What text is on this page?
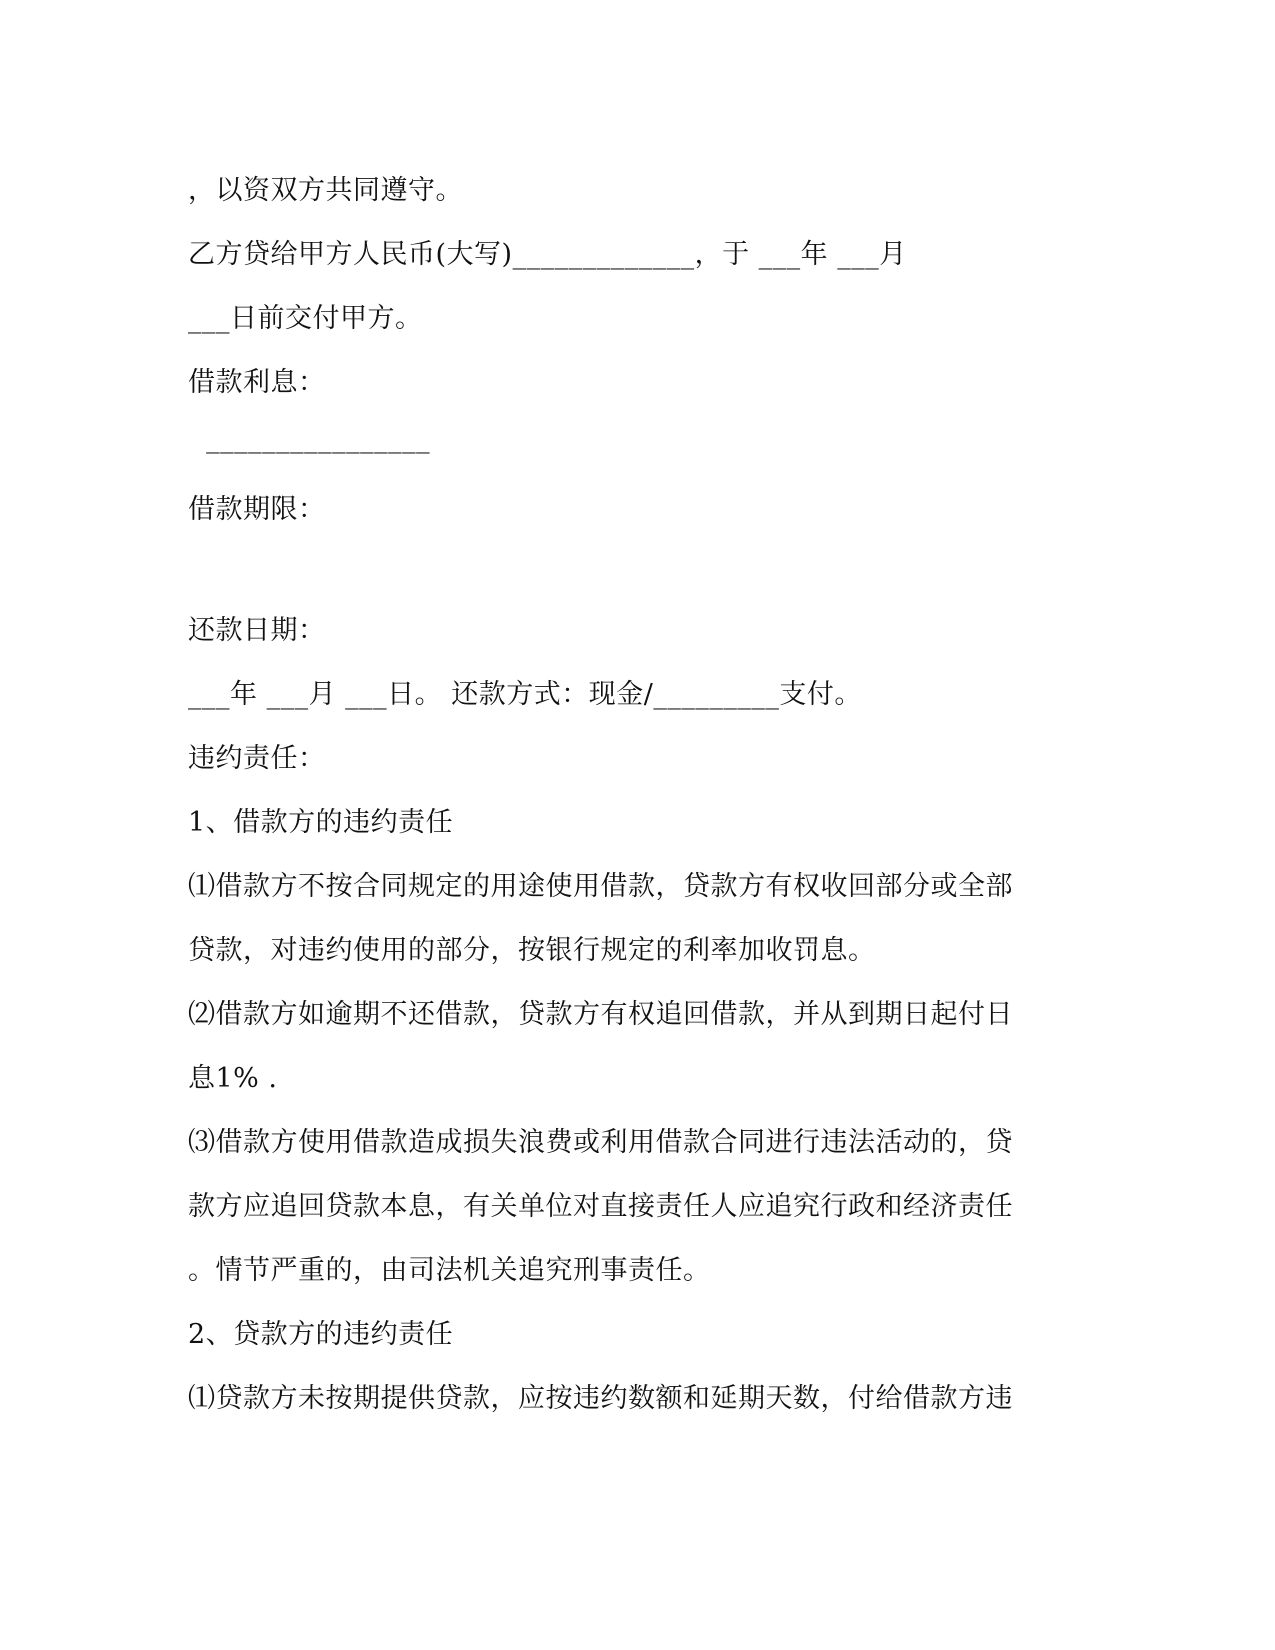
，以资双方共同遵守。
乙方贷给甲方人民币(大写)_____________，于 ___年 ___月
___日前交付甲方。
借款利息：
________________
借款期限：
还款日期：
___年 ___月 ___日。 还款方式：现金/_________支付。
违约责任：
1、借款方的违约责任
⑴借款方不按合同规定的用途使用借款，贷款方有权收回部分或全部
贷款，对违约使用的部分，按银行规定的利率加收罚息。
⑵借款方如逾期不还借款，贷款方有权追回借款，并从到期日起付日
息1% .
⑶借款方使用借款造成损失浪费或利用借款合同进行违法活动的，贷
款方应追回贷款本息，有关单位对直接责任人应追究行政和经济责任
。情节严重的，由司法机关追究刑事责任。
2、贷款方的违约责任
⑴贷款方未按期提供贷款，应按违约数额和延期天数，付给借款方违
